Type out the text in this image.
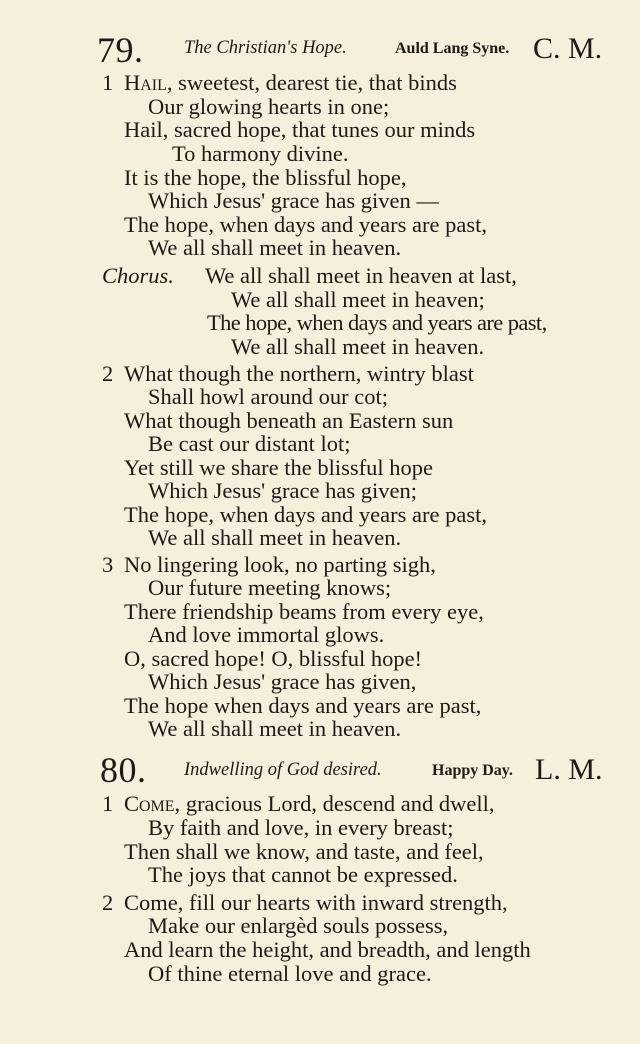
79. The Christian's Hope.	Auld Lang Syne. C. M.
1 Hail, sweetest, dearest tie, that binds
Our glowing hearts in one;
Hail, sacred hope, that tunes our minds
To harmony divine.
It is the hope, the blissful hope,
Which Jesus' grace has given —
The hope, when days and years are past,
We all shall meet in heaven.
Chorus. We all shall meet in heaven at last,
We all shall meet in heaven;
The hope, when days and years are past,
We all shall meet in heaven.
2 What though the northern, wintry blast
Shall howl around our cot;
What though beneath an Eastern sun
Be cast our distant lot;
Yet still we share the blissful hope
Which Jesus' grace has given;
The hope, when days and years are past,
We all shall meet in heaven.
3 No lingering look, no parting sigh,
Our future meeting knows;
There friendship beams from every eye,
And love immortal glows.
O, sacred hope! O, blissful hope!
Which Jesus' grace has given,
The hope when days and years are past,
We all shall meet in heaven.
80. Indwelling of God desired.	Happy Day. L. M.
1 Come, gracious Lord, descend and dwell,
By faith and love, in every breast;
Then shall we know, and taste, and feel,
The joys that cannot be expressed.
2 Come, fill our hearts with inward strength,
Make our enlargèd souls possess,
And learn the height, and breadth, and length
Of thine eternal love and grace.
